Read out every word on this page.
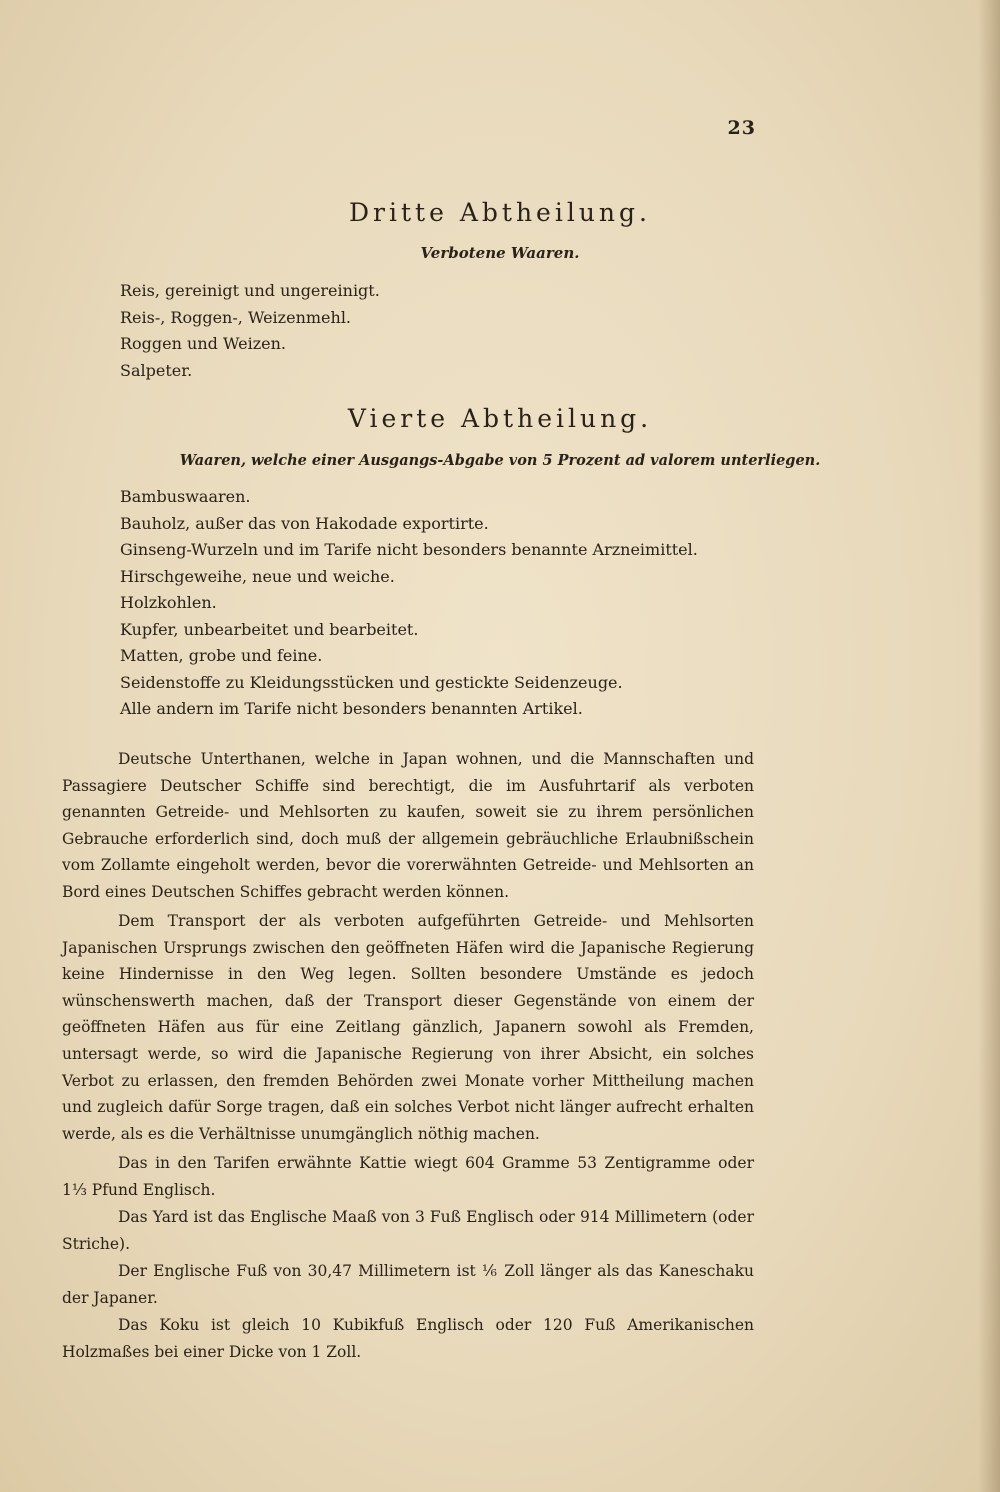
23
Dritte Abtheilung.
Verbotene Waaren.
Reis, gereinigt und ungereinigt.
Reis-, Roggen-, Weizenmehl.
Roggen und Weizen.
Salpeter.
Vierte Abtheilung.
Waaren, welche einer Ausgangs-Abgabe von 5 Prozent ad valorem unterliegen.
Bambuswaaren.
Bauholz, außer das von Hakodade exportirte.
Ginseng-Wurzeln und im Tarife nicht besonders benannte Arzneimittel.
Hirschgeweihe, neue und weiche.
Holzkohlen.
Kupfer, unbearbeitet und bearbeitet.
Matten, grobe und feine.
Seidenstoffe zu Kleidungsstücken und gestickte Seidenzeuge.
Alle andern im Tarife nicht besonders benannten Artikel.

Deutsche Unterthanen, welche in Japan wohnen, und die Mannschaften und Passagiere Deutscher Schiffe sind berechtigt, die im Ausfuhrtarif als verboten genannten Getreide- und Mehlsorten zu kaufen, soweit sie zu ihrem persönlichen Gebrauche erforderlich sind, doch muß der allgemein gebräuchliche Erlaubnißschein vom Zollamte eingeholt werden, bevor die vorerwähnten Getreide- und Mehlsorten an Bord eines Deutschen Schiffes gebracht werden können.

Dem Transport der als verboten aufgeführten Getreide- und Mehlsorten Japanischen Ursprungs zwischen den geöffneten Häfen wird die Japanische Regierung keine Hindernisse in den Weg legen. Sollten besondere Umstände es jedoch wünschenswerth machen, daß der Transport dieser Gegenstände von einem der geöffneten Häfen aus für eine Zeitlang gänzlich, Japanern sowohl als Fremden, untersagt werde, so wird die Japanische Regierung von ihrer Absicht, ein solches Verbot zu erlassen, den fremden Behörden zwei Monate vorher Mittheilung machen und zugleich dafür Sorge tragen, daß ein solches Verbot nicht länger aufrecht erhalten werde, als es die Verhältnisse unumgänglich nöthig machen.

Das in den Tarifen erwähnte Kattie wiegt 604 Gramme 53 Zentigramme oder 1⅓ Pfund Englisch.

Das Yard ist das Englische Maaß von 3 Fuß Englisch oder 914 Millimetern (oder Striche).

Der Englische Fuß von 30,47 Millimetern ist ⅙ Zoll länger als das Kanesch​aku der Japaner.

Das Koku ist gleich 10 Kubikfuß Englisch oder 120 Fuß Amerikanischen Holzmaßes bei einer Dicke von 1 Zoll.
